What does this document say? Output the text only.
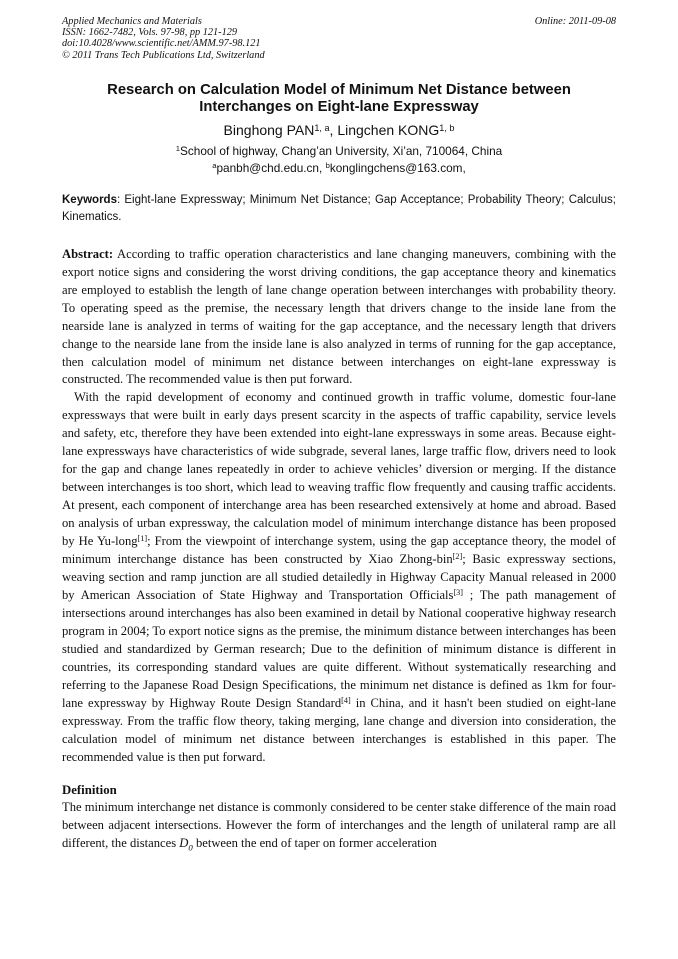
Applied Mechanics and Materials
ISSN: 1662-7482, Vols. 97-98, pp 121-129
doi:10.4028/www.scientific.net/AMM.97-98.121
© 2011 Trans Tech Publications Ltd, Switzerland
Online: 2011-09-08
Research on Calculation Model of Minimum Net Distance between
Interchanges on Eight-lane Expressway
Binghong PAN$^{1, a}$, Lingchen KONG$^{1, b}$
$^1$School of highway, Chang’an University, Xi’an, 710064, China
$^a$panbh@chd.edu.cn, $^b$konglingchens@163.com,
Keywords: Eight-lane Expressway; Minimum Net Distance; Gap Acceptance; Probability Theory; Calculus; Kinematics.

Abstract: According to traffic operation characteristics and lane changing maneuvers, combining with the export notice signs and considering the worst driving conditions, the gap acceptance theory and kinematics are employed to establish the length of lane change operation between interchanges with probability theory. To operating speed as the premise, the necessary length that drivers change to the inside lane from the nearside lane is analyzed in terms of waiting for the gap acceptance, and the necessary length that drivers change to the nearside lane from the inside lane is also analyzed in terms of running for the gap acceptance, then calculation model of minimum net distance between interchanges on eight-lane expressway is constructed. The recommended value is then put forward.

With the rapid development of economy and continued growth in traffic volume, domestic four-lane expressways that were built in early days present scarcity in the aspects of traffic capability, service levels and safety, etc, therefore they have been extended into eight-lane expressways in some areas. Because eight-lane expressways have characteristics of wide subgrade, several lanes, large traffic flow, drivers need to look for the gap and change lanes repeatedly in order to achieve vehicles’ diversion or merging. If the distance between interchanges is too short, which lead to weaving traffic flow frequently and causing traffic accidents. At present, each component of interchange area has been researched extensively at home and abroad. Based on analysis of urban expressway, the calculation model of minimum interchange distance has been proposed by He Yu-long[1]; From the viewpoint of interchange system, using the gap acceptance theory, the model of minimum interchange distance has been constructed by Xiao Zhong-bin[2]; Basic expressway sections, weaving section and ramp junction are all studied detailedly in Highway Capacity Manual released in 2000 by American Association of State Highway and Transportation Officials[3] ; The path management of intersections around interchanges has also been examined in detail by National cooperative highway research program in 2004; To export notice signs as the premise, the minimum distance between interchanges has been studied and standardized by German research; Due to the definition of minimum distance is different in countries, its corresponding standard values are quite different. Without systematically researching and referring to the Japanese Road Design Specifications, the minimum net distance is defined as 1km for four-lane expressway by Highway Route Design Standard[4] in China, and it hasn't been studied on eight-lane expressway. From the traffic flow theory, taking merging, lane change and diversion into consideration, the calculation model of minimum net distance between interchanges is established in this paper. The recommended value is then put forward.

Definition

The minimum interchange net distance is commonly considered to be center stake difference of the main road between adjacent intersections. However the form of interchanges and the length of unilateral ramp are all different, the distances $D_0$ between the end of taper on former acceleration
